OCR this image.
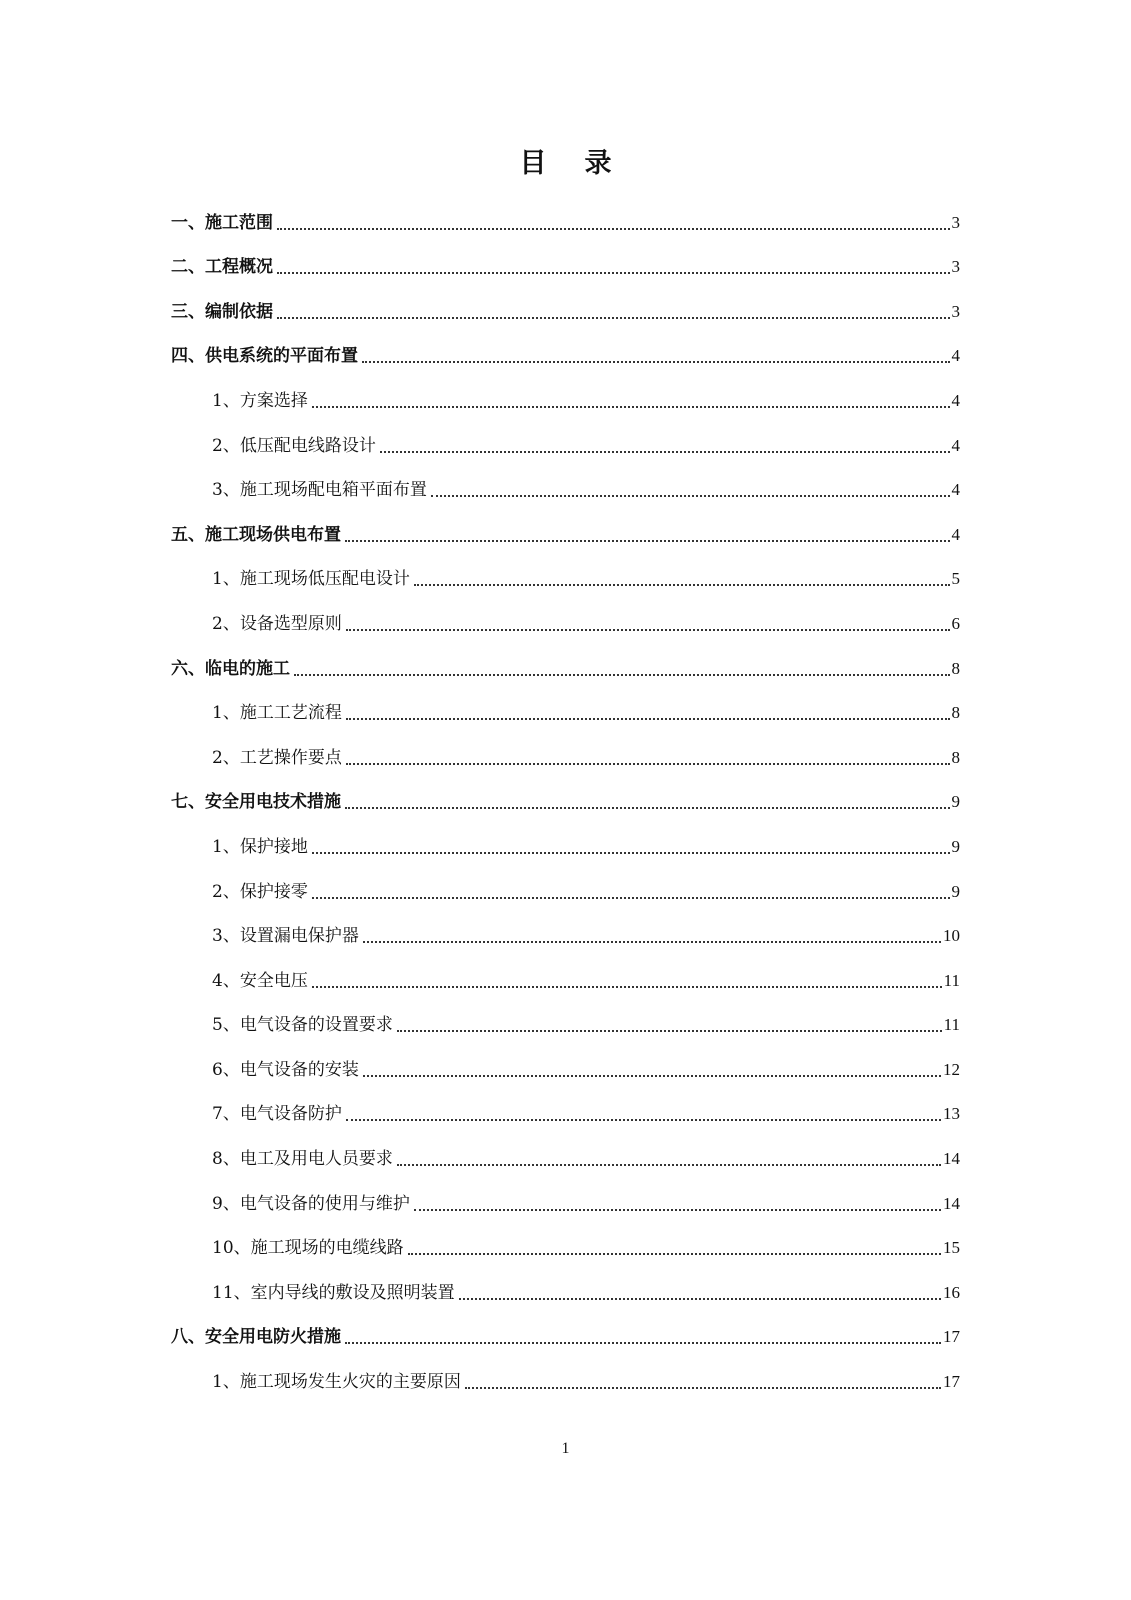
目录
一、施工范围	3
二、工程概况	3
三、编制依据	3
四、供电系统的平面布置	4
1、方案选择	4
2、低压配电线路设计	4
3、施工现场配电箱平面布置	4
五、施工现场供电布置	4
1、施工现场低压配电设计	5
2、设备选型原则	6
六、临电的施工	8
1、施工工艺流程	8
2、工艺操作要点	8
七、安全用电技术措施	9
1、保护接地	9
2、保护接零	9
3、设置漏电保护器	10
4、安全电压	11
5、电气设备的设置要求	11
6、电气设备的安装	12
7、电气设备防护	13
8、电工及用电人员要求	14
9、电气设备的使用与维护	14
10、施工现场的电缆线路	15
11、室内导线的敷设及照明装置	16
八、安全用电防火措施	17
1、施工现场发生火灾的主要原因	17

1
